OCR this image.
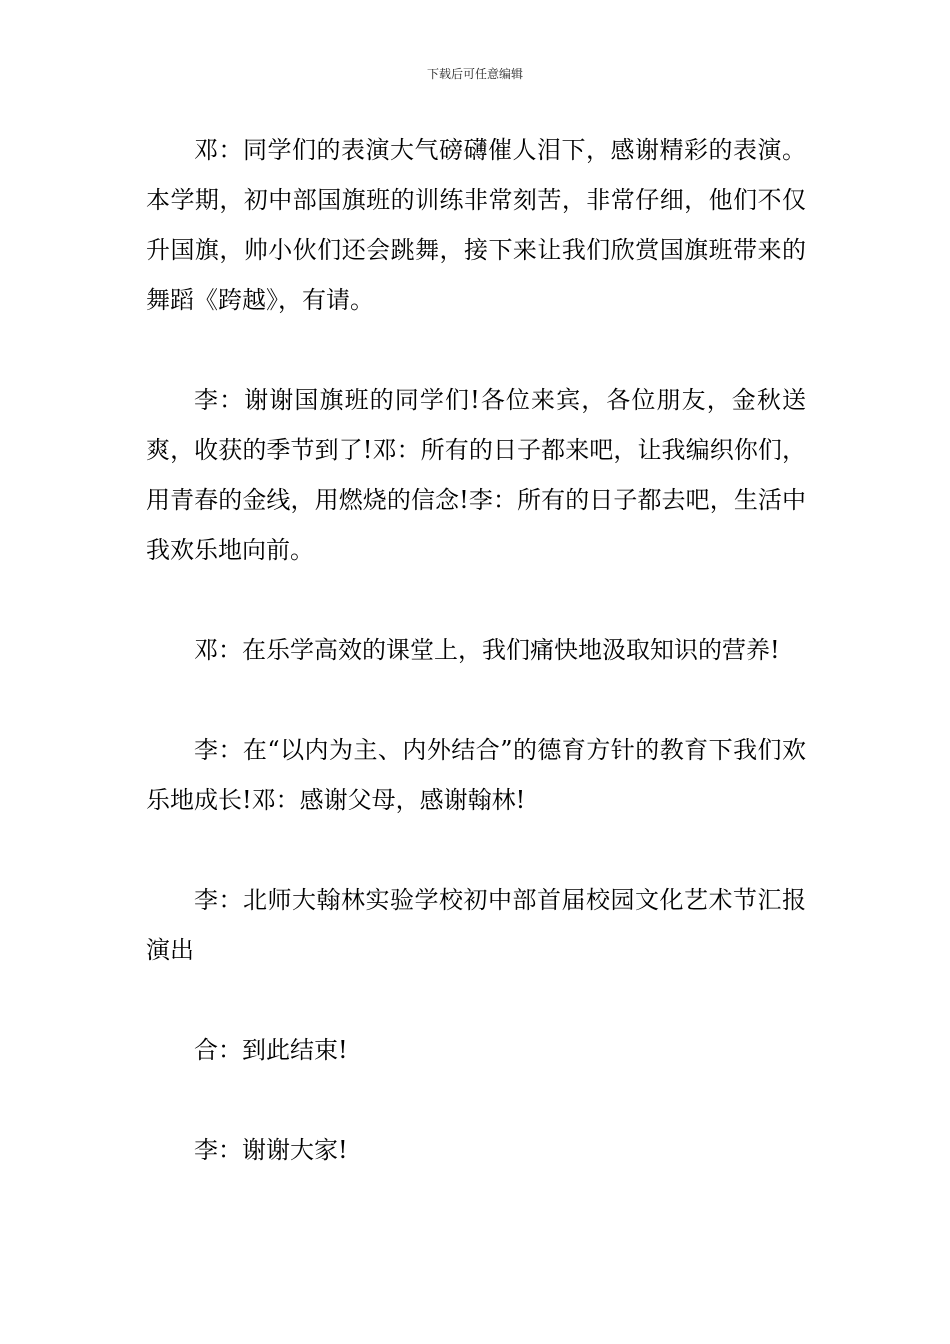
下载后可任意编辑

邓：同学们的表演大气磅礴催人泪下，感谢精彩的表演。本学期，初中部国旗班的训练非常刻苦，非常仔细，他们不仅升国旗，帅小伙们还会跳舞，接下来让我们欣赏国旗班带来的舞蹈《跨越》，有请。

李：谢谢国旗班的同学们!各位来宾，各位朋友，金秋送爽，收获的季节到了!邓：所有的日子都来吧，让我编织你们，用青春的金线，用燃烧的信念!李：所有的日子都去吧，生活中我欢乐地向前。

邓：在乐学高效的课堂上，我们痛快地汲取知识的营养!

李：在“以内为主、内外结合”的德育方针的教育下我们欢乐地成长!邓：感谢父母，感谢翰林!

李：北师大翰林实验学校初中部首届校园文化艺术节汇报演出

合：到此结束!

李：谢谢大家!
